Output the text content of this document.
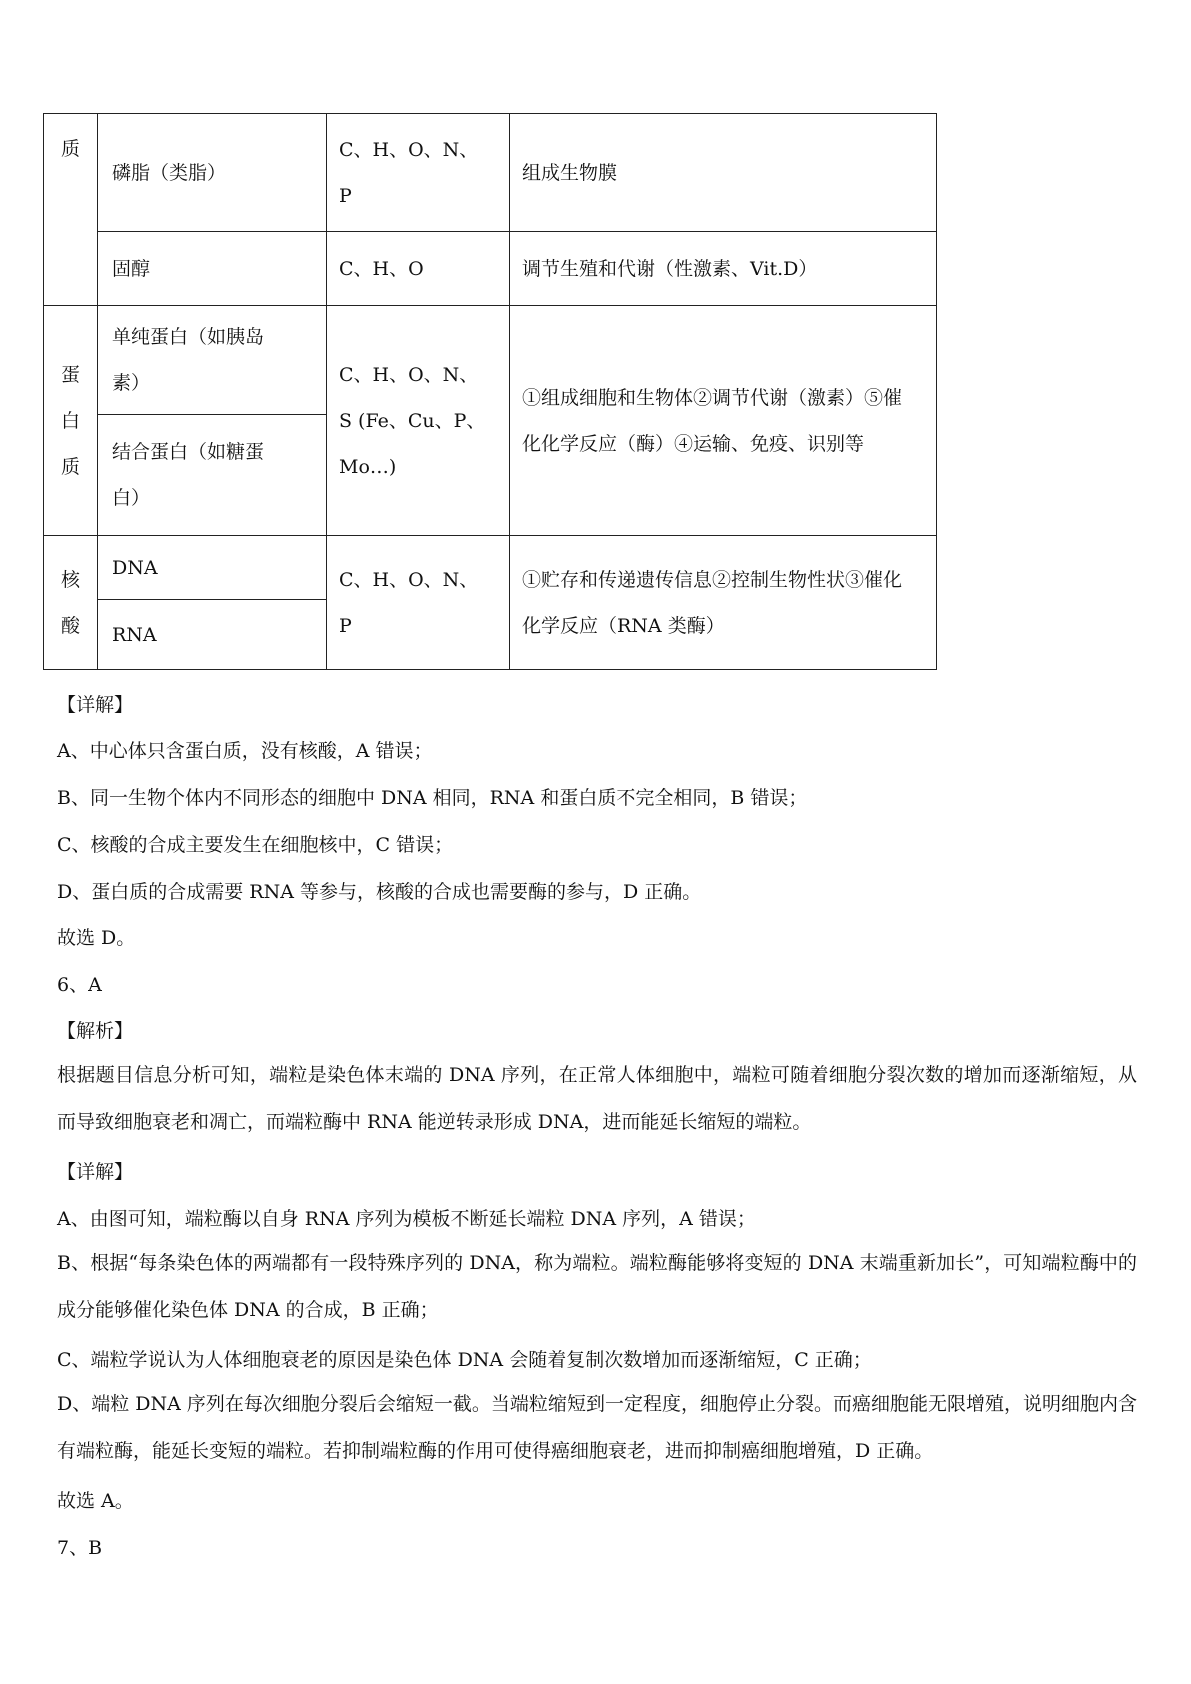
质	磷脂（类脂）	C、H、O、N、P	组成生物膜
	固醇	C、H、O	调节生殖和代谢（性激素、Vit.D）
蛋白质	单纯蛋白（如胰岛素）	C、H、O、N、S (Fe、Cu、P、Mo…)	①组成细胞和生物体②调节代谢（激素）⑤催化化学反应（酶）④运输、免疫、识别等

	结合蛋白（如糖蛋白）		

核酸	DNA	C、H、O、N、P	①贮存和传递遗传信息②控制生物性状③催化化学反应（RNA 类酶）

	RNA		
【详解】
A、中心体只含蛋白质，没有核酸，A 错误；
B、同一生物个体内不同形态的细胞中 DNA 相同，RNA 和蛋白质不完全相同，B 错误；
C、核酸的合成主要发生在细胞核中，C 错误；
D、蛋白质的合成需要 RNA 等参与，核酸的合成也需要酶的参与，D 正确。
故选 D。
6、A
【解析】
根据题目信息分析可知，端粒是染色体末端的 DNA 序列，在正常人体细胞中，端粒可随着细胞分裂次数的增加而逐渐缩短，从而导致细胞衰老和凋亡，而端粒酶中 RNA 能逆转录形成 DNA，进而能延长缩短的端粒。
【详解】
A、由图可知，端粒酶以自身 RNA 序列为模板不断延长端粒 DNA 序列，A 错误；
B、根据“每条染色体的两端都有一段特殊序列的 DNA，称为端粒。端粒酶能够将变短的 DNA 末端重新加长”，可知端粒酶中的成分能够催化染色体 DNA 的合成，B 正确；
C、端粒学说认为人体细胞衰老的原因是染色体 DNA 会随着复制次数增加而逐渐缩短，C 正确；
D、端粒 DNA 序列在每次细胞分裂后会缩短一截。当端粒缩短到一定程度，细胞停止分裂。而癌细胞能无限增殖，说明细胞内含有端粒酶，能延长变短的端粒。若抑制端粒酶的作用可使得癌细胞衰老，进而抑制癌细胞增殖，D 正确。
故选 A。
7、B
